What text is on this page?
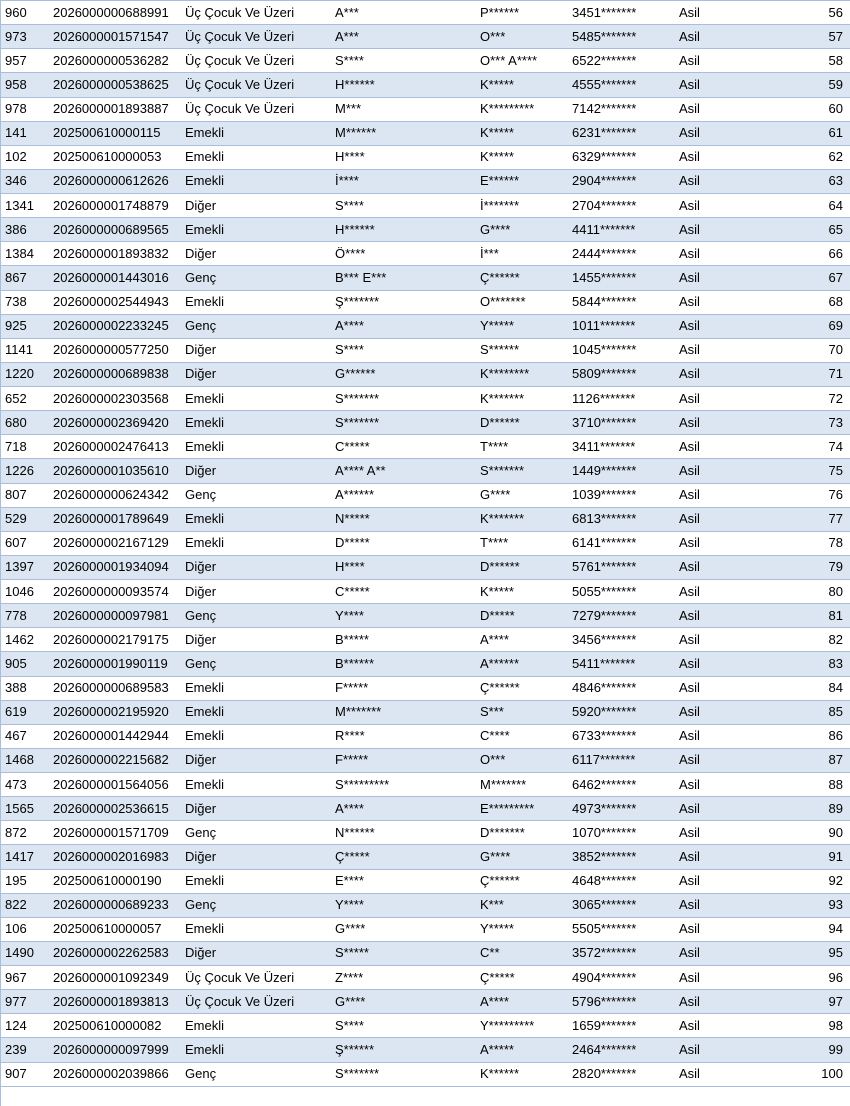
960	2026000000688991	Üç Çocuk Ve Üzeri	A***	P******	3451*******	Asil	56
973	2026000001571547	Üç Çocuk Ve Üzeri	A***	O***	5485*******	Asil	57
957	2026000000536282	Üç Çocuk Ve Üzeri	S****	O*** A****	6522*******	Asil	58
958	2026000000538625	Üç Çocuk Ve Üzeri	H******	K*****	4555*******	Asil	59
978	2026000001893887	Üç Çocuk Ve Üzeri	M***	K*********	7142*******	Asil	60
141	202500610000115	Emekli	M******	K*****	6231*******	Asil	61
102	202500610000053	Emekli	H****	K*****	6329*******	Asil	62
346	2026000000612626	Emekli	İ****	E******	2904*******	Asil	63
1341	2026000001748879	Diğer	S****	İ*******	2704*******	Asil	64
386	2026000000689565	Emekli	H******	G****	4411*******	Asil	65
1384	2026000001893832	Diğer	Ö****	İ***	2444*******	Asil	66
867	2026000001443016	Genç	B*** E***	Ç******	1455*******	Asil	67
738	2026000002544943	Emekli	Ş*******	O*******	5844*******	Asil	68
925	2026000002233245	Genç	A****	Y*****	1011*******	Asil	69
1141	2026000000577250	Diğer	S****	S******	1045*******	Asil	70
1220	2026000000689838	Diğer	G******	K********	5809*******	Asil	71
652	2026000002303568	Emekli	S*******	K*******	1126*******	Asil	72
680	2026000002369420	Emekli	S*******	D******	3710*******	Asil	73
718	2026000002476413	Emekli	C*****	T****	3411*******	Asil	74
1226	2026000001035610	Diğer	A**** A**	S*******	1449*******	Asil	75
807	2026000000624342	Genç	A******	G****	1039*******	Asil	76
529	2026000001789649	Emekli	N*****	K*******	6813*******	Asil	77
607	2026000002167129	Emekli	D*****	T****	6141*******	Asil	78
1397	2026000001934094	Diğer	H****	D******	5761*******	Asil	79
1046	2026000000093574	Diğer	C*****	K*****	5055*******	Asil	80
778	2026000000097981	Genç	Y****	D*****	7279*******	Asil	81
1462	2026000002179175	Diğer	B*****	A****	3456*******	Asil	82
905	2026000001990119	Genç	B******	A******	5411*******	Asil	83
388	2026000000689583	Emekli	F*****	Ç******	4846*******	Asil	84
619	2026000002195920	Emekli	M*******	S***	5920*******	Asil	85
467	2026000001442944	Emekli	R****	C****	6733*******	Asil	86
1468	2026000002215682	Diğer	F*****	O***	6117*******	Asil	87
473	2026000001564056	Emekli	S*********	M*******	6462*******	Asil	88
1565	2026000002536615	Diğer	A****	E*********	4973*******	Asil	89
872	2026000001571709	Genç	N******	D*******	1070*******	Asil	90
1417	2026000002016983	Diğer	Ç*****	G****	3852*******	Asil	91
195	202500610000190	Emekli	E****	Ç******	4648*******	Asil	92
822	2026000000689233	Genç	Y****	K***	3065*******	Asil	93
106	202500610000057	Emekli	G****	Y*****	5505*******	Asil	94
1490	2026000002262583	Diğer	S*****	C**	3572*******	Asil	95
967	2026000001092349	Üç Çocuk Ve Üzeri	Z****	Ç*****	4904*******	Asil	96
977	2026000001893813	Üç Çocuk Ve Üzeri	G****	A****	5796*******	Asil	97
124	202500610000082	Emekli	S****	Y*********	1659*******	Asil	98
239	2026000000097999	Emekli	Ş******	A*****	2464*******	Asil	99
907	2026000002039866	Genç	S*******	K******	2820*******	Asil	100
